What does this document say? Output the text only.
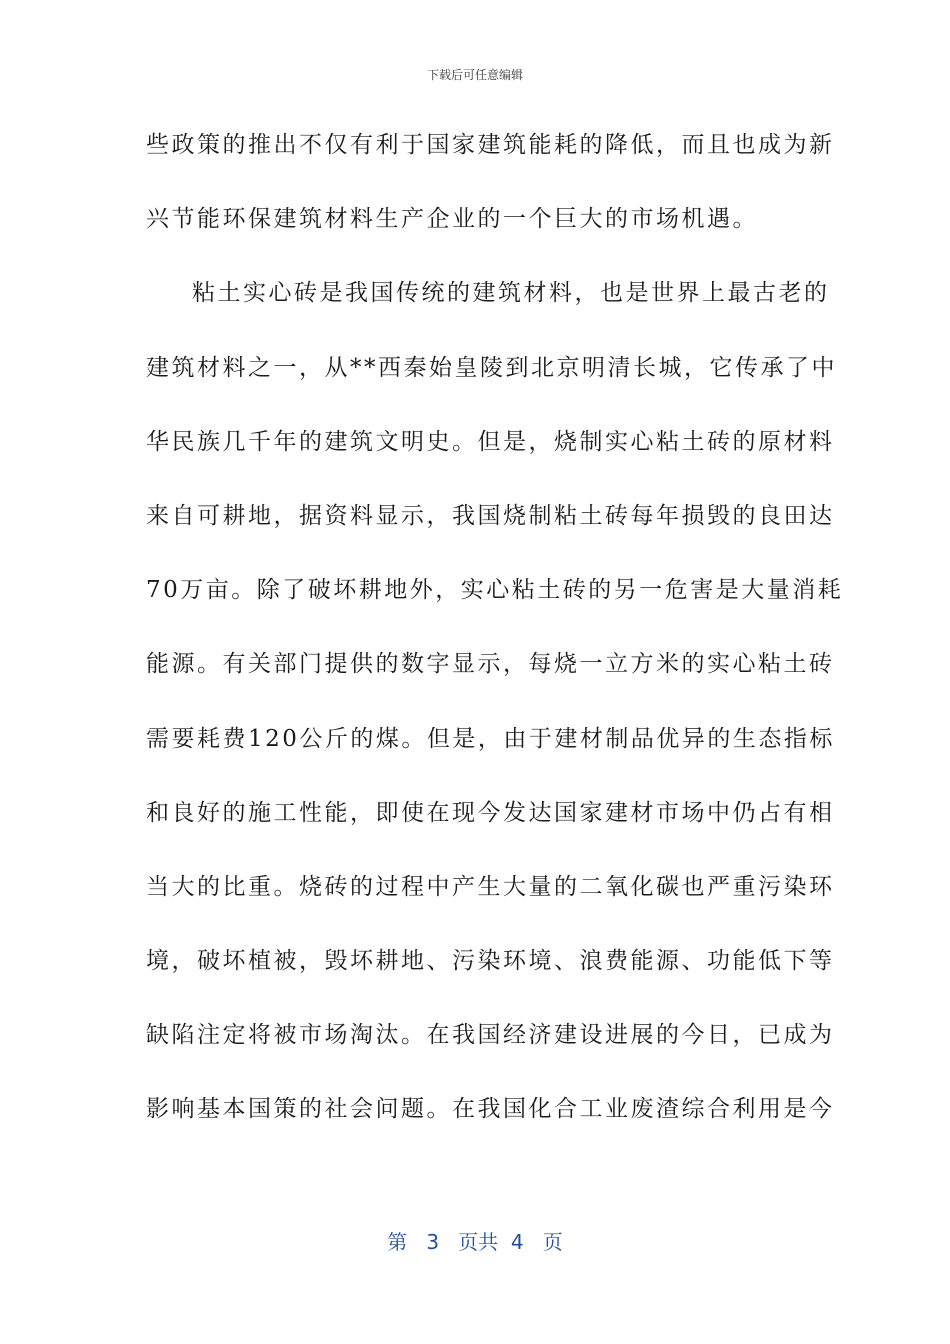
下载后可任意编辑
些政策的推出不仅有利于国家建筑能耗的降低，而且也成为新
兴节能环保建筑材料生产企业的一个巨大的市场机遇。
粘土实心砖是我国传统的建筑材料，也是世界上最古老的
建筑材料之一，从**西秦始皇陵到北京明清长城，它传承了中
华民族几千年的建筑文明史。但是，烧制实心粘土砖的原材料
来自可耕地，据资料显示，我国烧制粘土砖每年损毁的良田达
70万亩。除了破坏耕地外，实心粘土砖的另一危害是大量消耗
能源。有关部门提供的数字显示，每烧一立方米的实心粘土砖
需要耗费120公斤的煤。但是，由于建材制品优异的生态指标
和良好的施工性能，即使在现今发达国家建材市场中仍占有相
当大的比重。烧砖的过程中产生大量的二氧化碳也严重污染环
境，破坏植被，毁坏耕地、污染环境、浪费能源、功能低下等
缺陷注定将被市场淘汰。在我国经济建设进展的今日，已成为
影响基本国策的社会问题。在我国化合工业废渣综合利用是今
第 3 页共 4 页
